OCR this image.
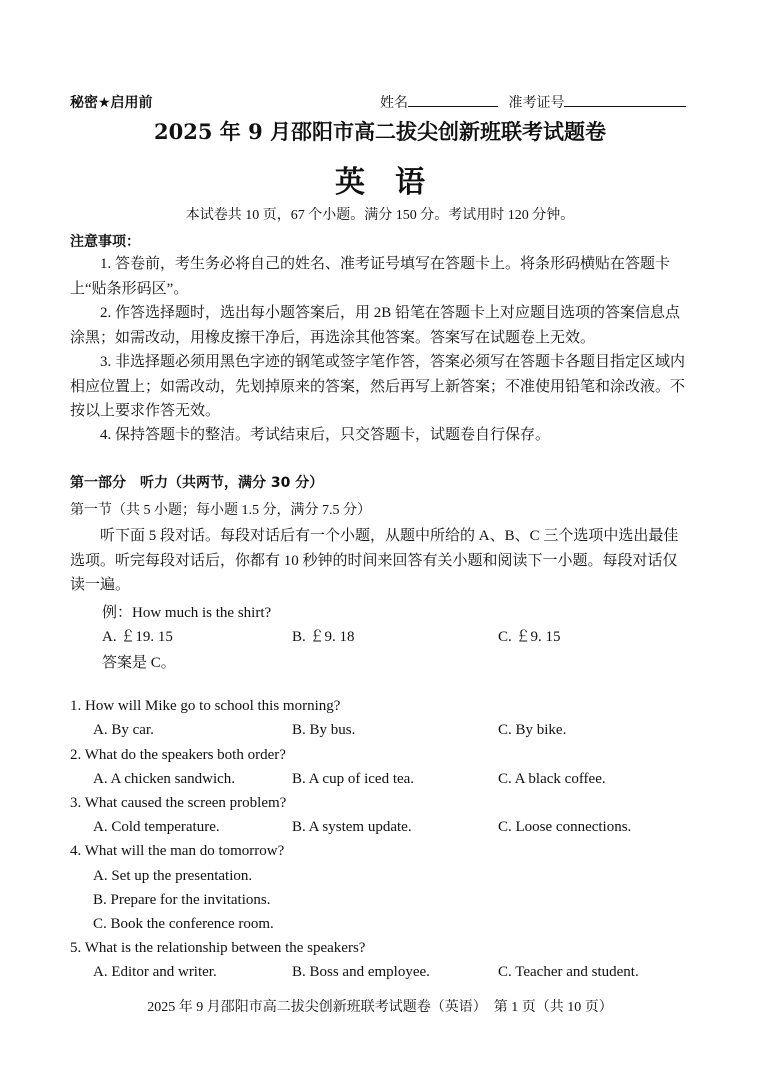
秘密★启用前	姓名	准考证号
2025 年 9 月邵阳市高二拔尖创新班联考试题卷
英　语
本试卷共 10 页，67 个小题。满分 150 分。考试用时 120 分钟。
注意事项：
1. 答卷前，考生务必将自己的姓名、准考证号填写在答题卡上。将条形码横贴在答题卡上“贴条形码区”。
2. 作答选择题时，选出每小题答案后，用 2B 铅笔在答题卡上对应题目选项的答案信息点涂黑；如需改动，用橡皮擦干净后，再选涂其他答案。答案写在试题卷上无效。
3. 非选择题必须用黑色字迹的钢笔或签字笔作答，答案必须写在答题卡各题目指定区域内相应位置上；如需改动，先划掉原来的答案，然后再写上新答案；不准使用铅笔和涂改液。不按以上要求作答无效。
4. 保持答题卡的整洁。考试结束后，只交答题卡，试题卷自行保存。
第一部分　听力（共两节，满分 30 分）
第一节（共 5 小题；每小题 1.5 分，满分 7.5 分）
听下面 5 段对话。每段对话后有一个小题，从题中所给的 A、B、C 三个选项中选出最佳选项。听完每段对话后，你都有 10 秒钟的时间来回答有关小题和阅读下一小题。每段对话仅读一遍。
例：How much is the shirt?
A. ￡19. 15	B. ￡9. 18	C. ￡9. 15
答案是 C。
1. How will Mike go to school this morning?
A. By car.	B. By bus.	C. By bike.
2. What do the speakers both order?
A. A chicken sandwich.	B. A cup of iced tea.	C. A black coffee.
3. What caused the screen problem?
A. Cold temperature.	B. A system update.	C. Loose connections.
4. What will the man do tomorrow?
A. Set up the presentation.
B. Prepare for the invitations.
C. Book the conference room.
5. What is the relationship between the speakers?
A. Editor and writer.	B. Boss and employee.	C. Teacher and student.
2025 年 9 月邵阳市高二拔尖创新班联考试题卷（英语）　第 1 页（共 10 页）
